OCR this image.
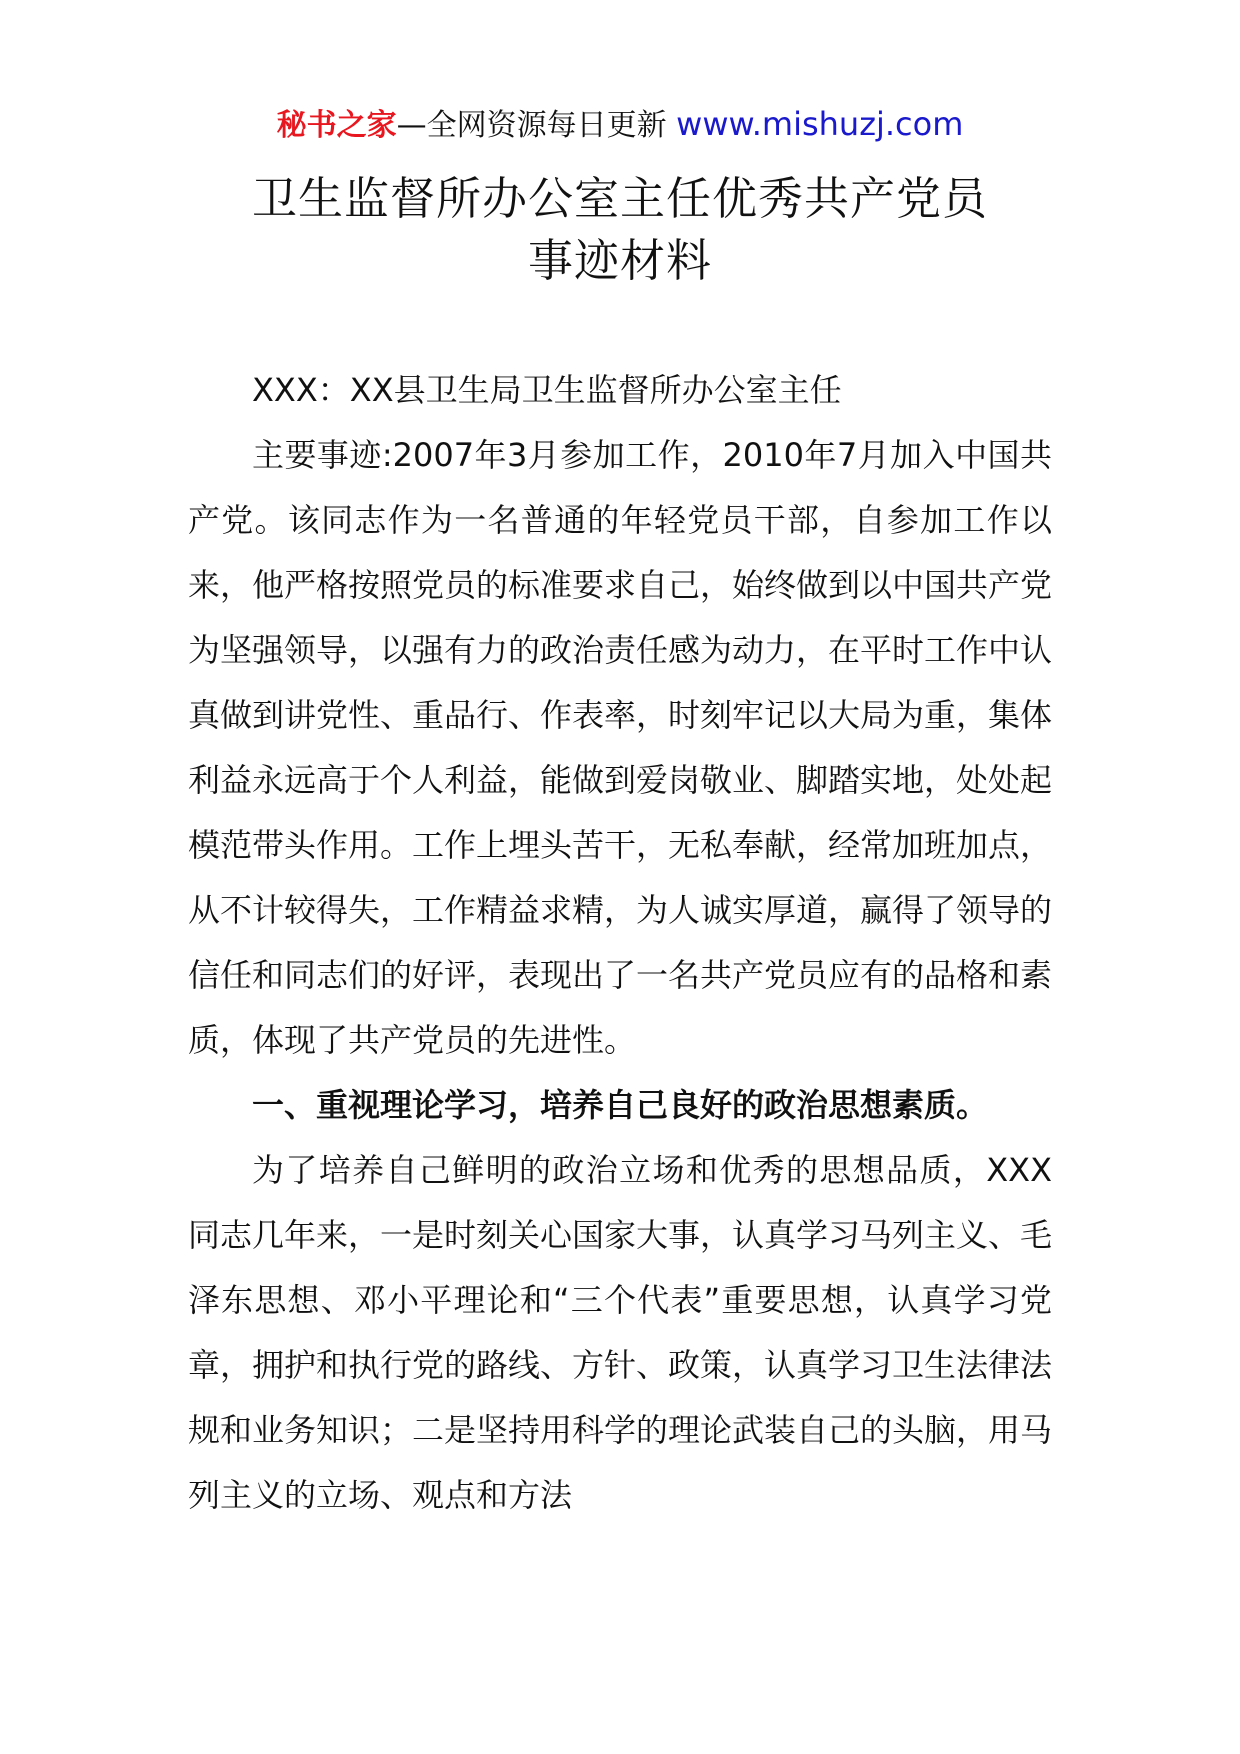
秘书之家—全网资源每日更新 www.mishuzj.com
卫生监督所办公室主任优秀共产党员
事迹材料

XXX：XX县卫生局卫生监督所办公室主任

主要事迹:2007年3月参加工作，2010年7月加入中国共产党。该同志作为一名普通的年轻党员干部，自参加工作以来，他严格按照党员的标准要求自己，始终做到以中国共产党为坚强领导，以强有力的政治责任感为动力，在平时工作中认真做到讲党性、重品行、作表率，时刻牢记以大局为重，集体利益永远高于个人利益，能做到爱岗敬业、脚踏实地，处处起模范带头作用。工作上埋头苦干，无私奉献，经常加班加点，从不计较得失，工作精益求精，为人诚实厚道，赢得了领导的信任和同志们的好评，表现出了一名共产党员应有的品格和素质，体现了共产党员的先进性。

一、重视理论学习，培养自己良好的政治思想素质。

为了培养自己鲜明的政治立场和优秀的思想品质，XXX同志几年来，一是时刻关心国家大事，认真学习马列主义、毛泽东思想、邓小平理论和“三个代表”重要思想，认真学习党章，拥护和执行党的路线、方针、政策，认真学习卫生法律法规和业务知识；二是坚持用科学的理论武装自己的头脑，用马列主义的立场、观点和方法
